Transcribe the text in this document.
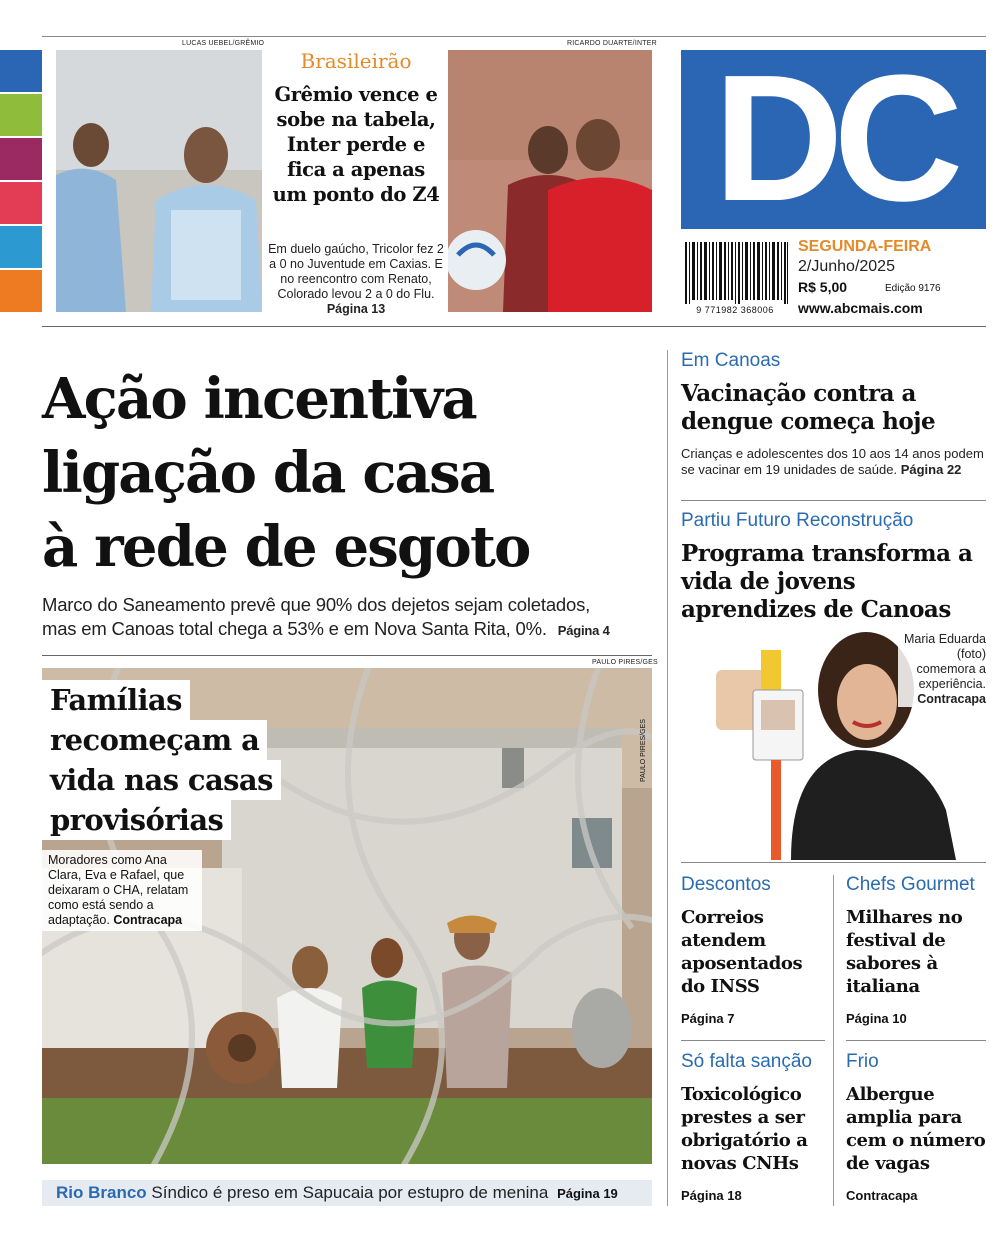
LUCAS UEBEL/GRÊMIO	RICARDO DUARTE/INTER
Brasileirão
Grêmio vence e sobe na tabela, Inter perde e fica a apenas um ponto do Z4
Em duelo gaúcho, Tricolor fez 2 a 0 no Juventude em Caxias. E no reencontro com Renato, Colorado levou 2 a 0 do Flu. Página 13
DC
9 771982 368006
SEGUNDA-FEIRA
2/Junho/2025
R$ 5,00	Edição 9176
www.abcmais.com
Ação incentiva
ligação da casa
à rede de esgoto
Marco do Saneamento prevê que 90% dos dejetos sejam coletados,
mas em Canoas total chega a 53% e em Nova Santa Rita, 0%. Página 4
PAULO PIRES/GES
Famílias
recomeçam a
vida nas casas
provisórias
Moradores como Ana Clara, Eva e Rafael, que deixaram o CHA, relatam como está sendo a adaptação. Contracapa
Rio Branco Síndico é preso em Sapucaia por estupro de menina Página 19
Em Canoas
Vacinação contra a dengue começa hoje
Crianças e adolescentes dos 10 aos 14 anos podem se vacinar em 19 unidades de saúde. Página 22
Partiu Futuro Reconstrução
Programa transforma a vida de jovens aprendizes de Canoas
Maria Eduarda (foto) comemora a experiência. Contracapa
PAULO PIRES/GES
Descontos
Correios atendem aposentados do INSS
Página 7
Chefs Gourmet
Milhares no festival de sabores à italiana
Página 10
Só falta sanção
Toxicológico prestes a ser obrigatório a novas CNHs
Página 18
Frio
Albergue amplia para cem o número de vagas
Contracapa
